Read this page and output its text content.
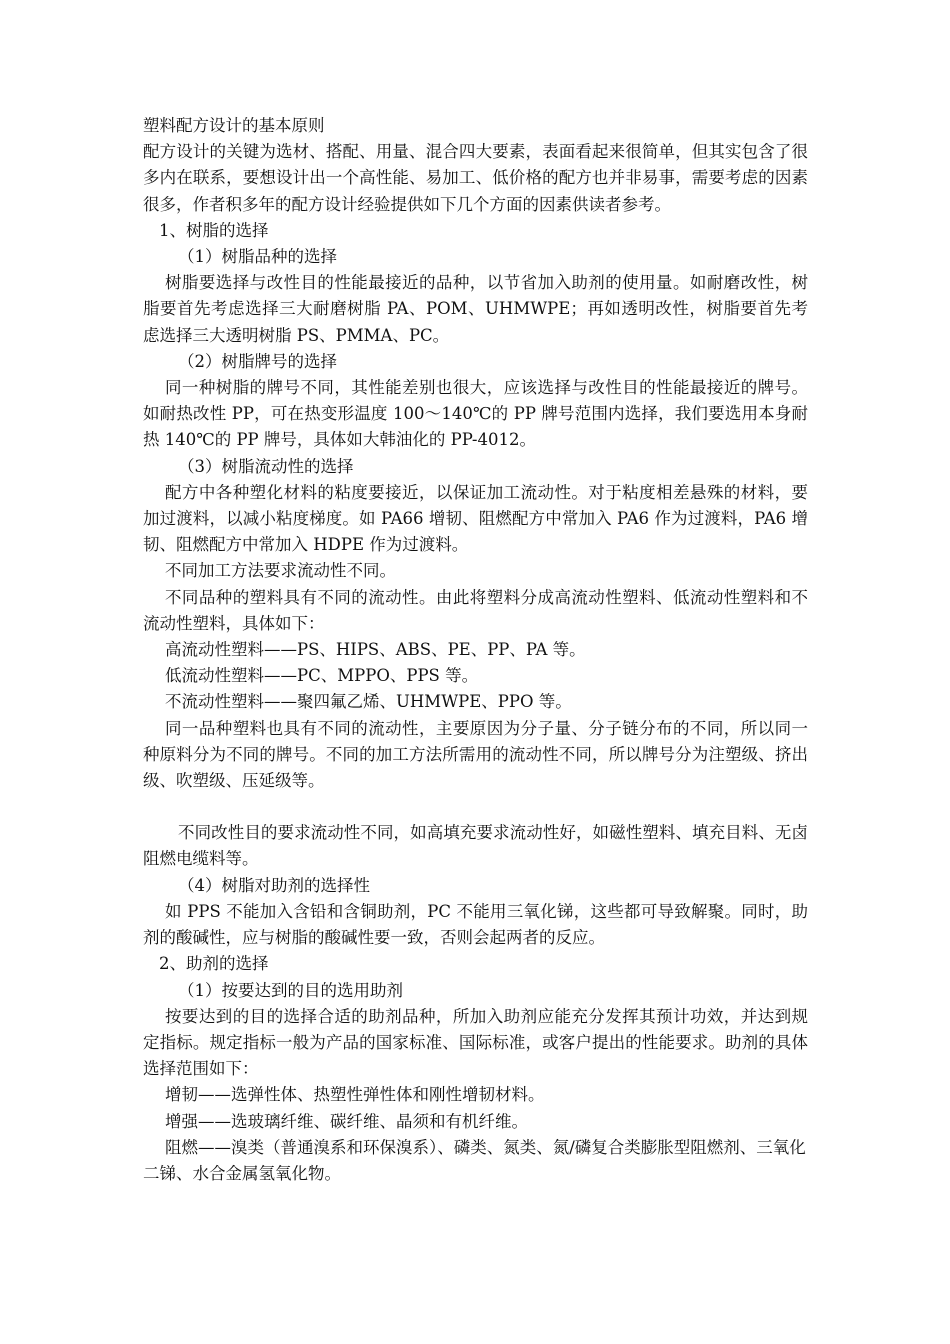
塑料配方设计的基本原则

配方设计的关键为选材、搭配、用量、混合四大要素，表面看起来很简单，但其实包含了很多内在联系，要想设计出一个高性能、易加工、低价格的配方也并非易事，需要考虑的因素很多，作者积多年的配方设计经验提供如下几个方面的因素供读者参考。

1、树脂的选择

（1）树脂品种的选择

树脂要选择与改性目的性能最接近的品种，以节省加入助剂的使用量。如耐磨改性，树脂要首先考虑选择三大耐磨树脂 PA、POM、UHMWPE；再如透明改性，树脂要首先考虑选择三大透明树脂 PS、PMMA、PC。

（2）树脂牌号的选择

同一种树脂的牌号不同，其性能差别也很大，应该选择与改性目的性能最接近的牌号。如耐热改性 PP，可在热变形温度 100～140℃的 PP 牌号范围内选择，我们要选用本身耐热 140℃的 PP 牌号，具体如大韩油化的 PP-4012。

（3）树脂流动性的选择

配方中各种塑化材料的粘度要接近，以保证加工流动性。对于粘度相差悬殊的材料，要加过渡料，以减小粘度梯度。如 PA66 增韧、阻燃配方中常加入 PA6 作为过渡料，PA6 增韧、阻燃配方中常加入 HDPE 作为过渡料。

不同加工方法要求流动性不同。

不同品种的塑料具有不同的流动性。由此将塑料分成高流动性塑料、低流动性塑料和不流动性塑料，具体如下：

高流动性塑料——PS、HIPS、ABS、PE、PP、PA 等。

低流动性塑料——PC、MPPO、PPS 等。

不流动性塑料——聚四氟乙烯、UHMWPE、PPO 等。

同一品种塑料也具有不同的流动性，主要原因为分子量、分子链分布的不同，所以同一种原料分为不同的牌号。不同的加工方法所需用的流动性不同，所以牌号分为注塑级、挤出级、吹塑级、压延级等。

不同改性目的要求流动性不同，如高填充要求流动性好，如磁性塑料、填充目料、无卤阻燃电缆料等。

（4）树脂对助剂的选择性

如 PPS 不能加入含铅和含铜助剂，PC 不能用三氧化锑，这些都可导致解聚。同时，助剂的酸碱性，应与树脂的酸碱性要一致，否则会起两者的反应。

2、助剂的选择

（1）按要达到的目的选用助剂

按要达到的目的选择合适的助剂品种，所加入助剂应能充分发挥其预计功效，并达到规定指标。规定指标一般为产品的国家标准、国际标准，或客户提出的性能要求。助剂的具体选择范围如下：

增韧——选弹性体、热塑性弹性体和刚性增韧材料。

增强——选玻璃纤维、碳纤维、晶须和有机纤维。

阻燃——溴类（普通溴系和环保溴系）、磷类、氮类、氮/磷复合类膨胀型阻燃剂、三氧化二锑、水合金属氢氧化物。
